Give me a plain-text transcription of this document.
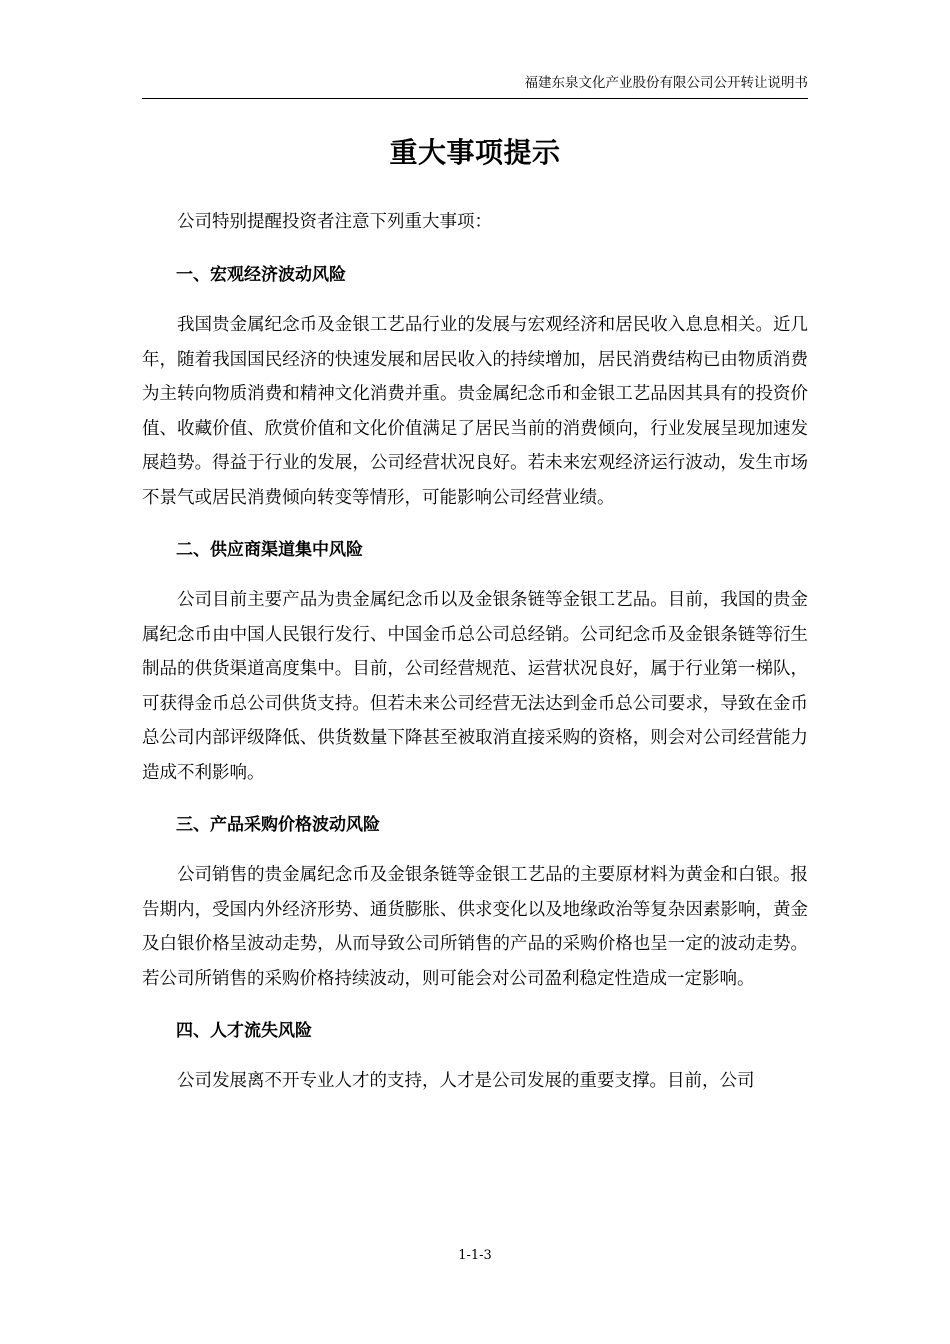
福建东泉文化产业股份有限公司公开转让说明书
重大事项提示

公司特别提醒投资者注意下列重大事项：

一、宏观经济波动风险

我国贵金属纪念币及金银工艺品行业的发展与宏观经济和居民收入息息相关。近几年，随着我国国民经济的快速发展和居民收入的持续增加，居民消费结构已由物质消费为主转向物质消费和精神文化消费并重。贵金属纪念币和金银工艺品因其具有的投资价值、收藏价值、欣赏价值和文化价值满足了居民当前的消费倾向，行业发展呈现加速发展趋势。得益于行业的发展，公司经营状况良好。若未来宏观经济运行波动，发生市场不景气或居民消费倾向转变等情形，可能影响公司经营业绩。

二、供应商渠道集中风险

公司目前主要产品为贵金属纪念币以及金银条链等金银工艺品。目前，我国的贵金属纪念币由中国人民银行发行、中国金币总公司总经销。公司纪念币及金银条链等衍生制品的供货渠道高度集中。目前，公司经营规范、运营状况良好，属于行业第一梯队，可获得金币总公司供货支持。但若未来公司经营无法达到金币总公司要求，导致在金币总公司内部评级降低、供货数量下降甚至被取消直接采购的资格，则会对公司经营能力造成不利影响。

三、产品采购价格波动风险

公司销售的贵金属纪念币及金银条链等金银工艺品的主要原材料为黄金和白银。报告期内，受国内外经济形势、通货膨胀、供求变化以及地缘政治等复杂因素影响，黄金及白银价格呈波动走势，从而导致公司所销售的产品的采购价格也呈一定的波动走势。若公司所销售的采购价格持续波动，则可能会对公司盈利稳定性造成一定影响。

四、人才流失风险

公司发展离不开专业人才的支持，人才是公司发展的重要支撑。目前，公司

1-1-3
